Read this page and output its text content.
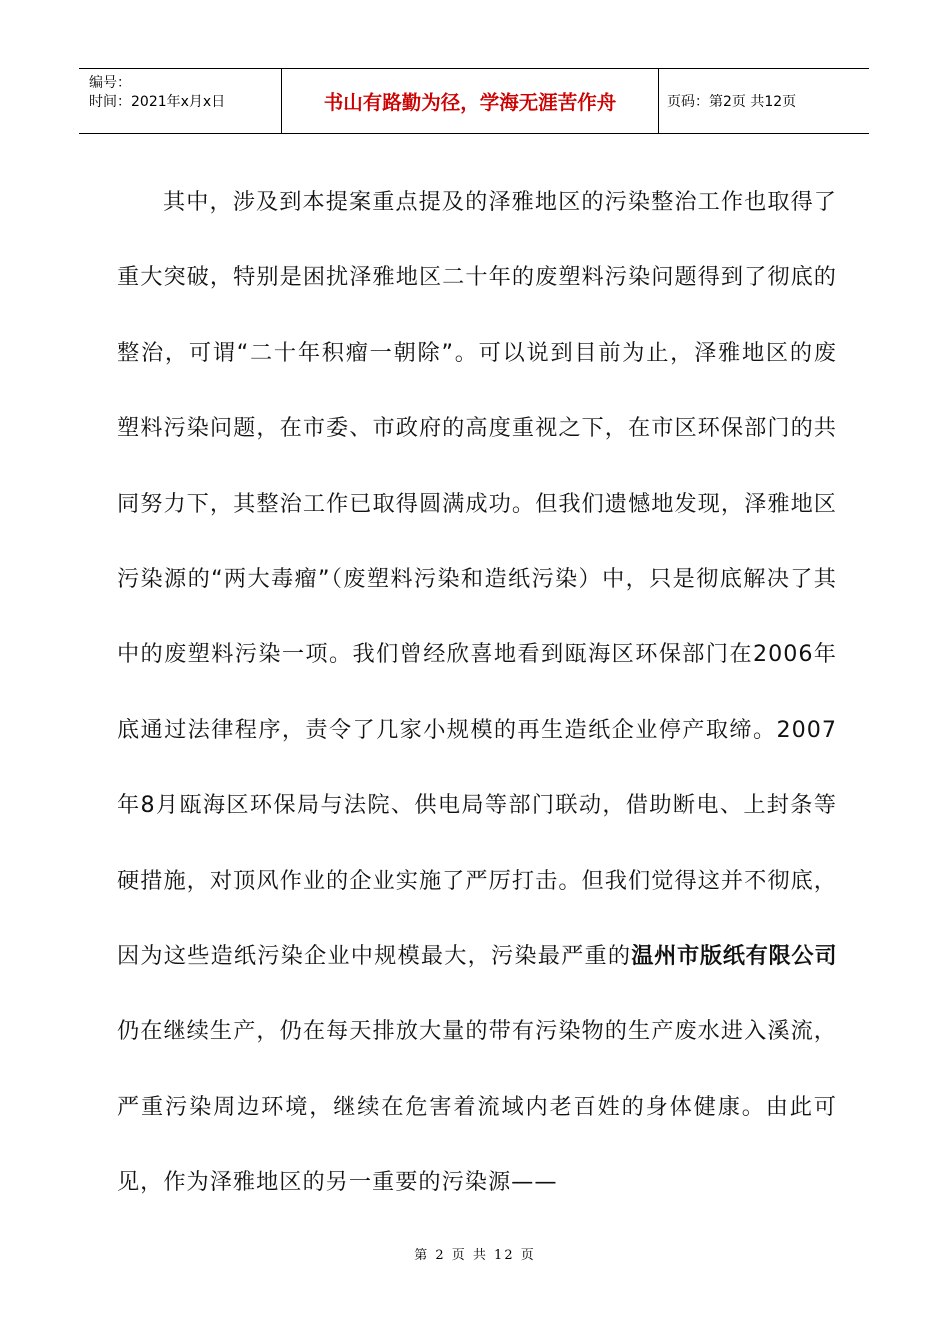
编号：
时间：2021年x月x日	书山有路勤为径，学海无涯苦作舟	页码：第2页 共12页

其中，涉及到本提案重点提及的泽雅地区的污染整治工作也取得了重大突破，特别是困扰泽雅地区二十年的废塑料污染问题得到了彻底的整治，可谓“二十年积瘤一朝除”。可以说到目前为止，泽雅地区的废塑料污染问题，在市委、市政府的高度重视之下，在市区环保部门的共同努力下，其整治工作已取得圆满成功。但我们遗憾地发现，泽雅地区污染源的“两大毒瘤”（废塑料污染和造纸污染）中，只是彻底解决了其中的废塑料污染一项。我们曾经欣喜地看到瓯海区环保部门在2006年底通过法律程序，责令了几家小规模的再生造纸企业停产取缔。2007年8月瓯海区环保局与法院、供电局等部门联动，借助断电、上封条等硬措施，对顶风作业的企业实施了严厉打击。但我们觉得这并不彻底，因为这些造纸污染企业中规模最大，污染最严重的温州市版纸有限公司仍在继续生产，仍在每天排放大量的带有污染物的生产废水进入溪流，严重污染周边环境，继续在危害着流域内老百姓的身体健康。由此可见，作为泽雅地区的另一重要的污染源——

第 2 页 共 12 页
